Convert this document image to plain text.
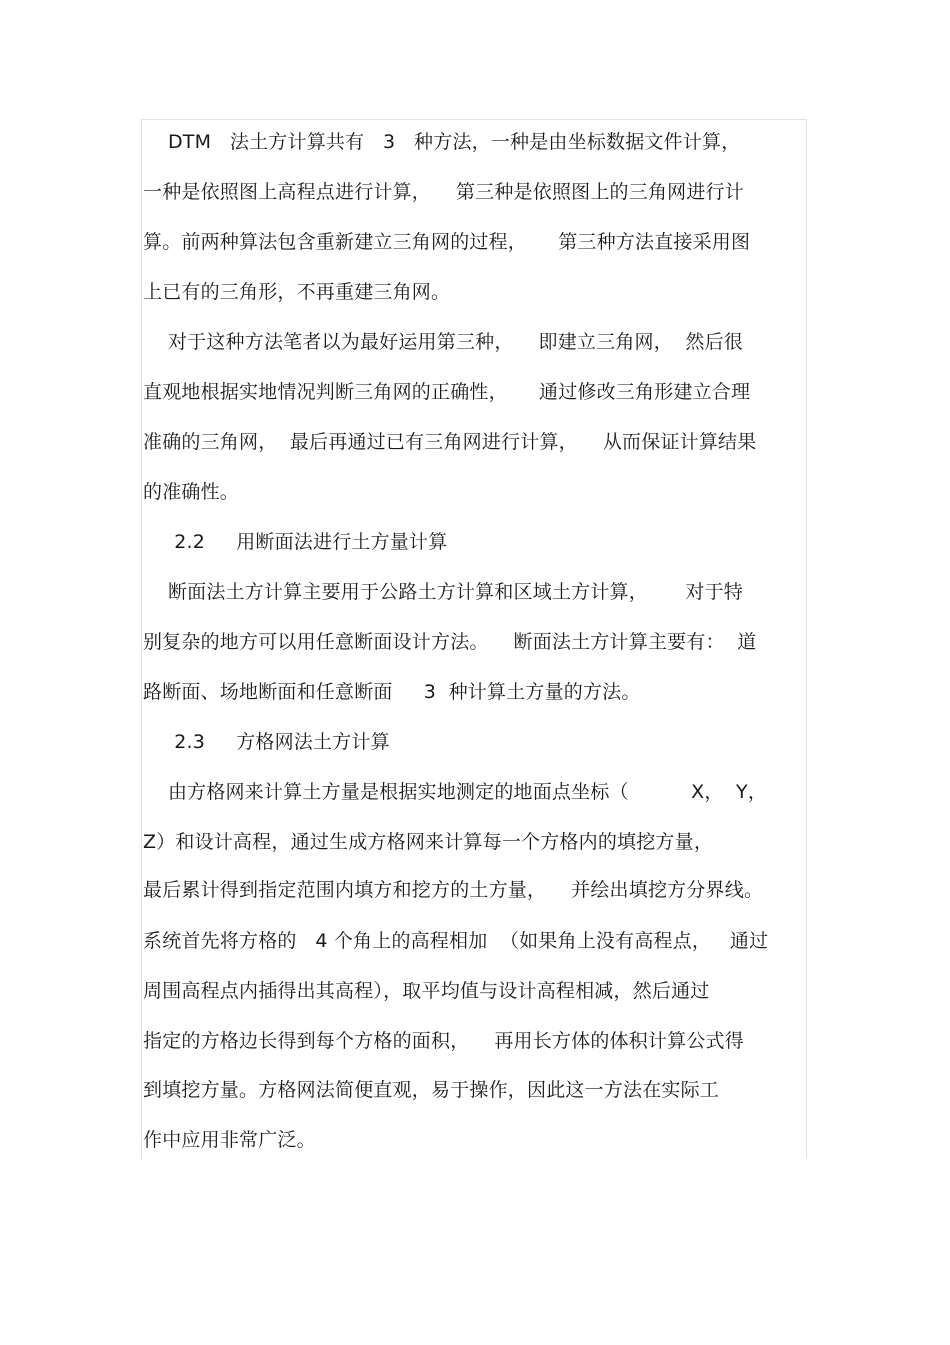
DTM   法土方计算共有   3   种方法，一种是由坐标数据文件计算，
一种是依照图上高程点进行计算，    第三种是依照图上的三角网进行计
算。前两种算法包含重新建立三角网的过程，     第三种方法直接采用图
上已有的三角形，不再重建三角网。
对于这种方法笔者以为最好运用第三种，    即建立三角网，  然后很
直观地根据实地情况判断三角网的正确性，     通过修改三角形建立合理
准确的三角网，  最后再通过已有三角网进行计算，    从而保证计算结果
的准确性。
2.2     用断面法进行土方量计算
断面法土方计算主要用于公路土方计算和区域土方计算，      对于特
别复杂的地方可以用任意断面设计方法。    断面法土方计算主要有：  道
路断面、场地断面和任意断面     3  种计算土方量的方法。
2.3     方格网法土方计算
由方格网来计算土方量是根据实地测定的地面点坐标（          X，  Y，
Z）和设计高程，通过生成方格网来计算每一个方格内的填挖方量，
最后累计得到指定范围内填方和挖方的土方量，    并绘出填挖方分界线。
系统首先将方格的   4 个角上的高程相加  （如果角上没有高程点，   通过
周围高程点内插得出其高程），取平均值与设计高程相减，然后通过
指定的方格边长得到每个方格的面积，    再用长方体的体积计算公式得
到填挖方量。方格网法简便直观，易于操作，因此这一方法在实际工
作中应用非常广泛。
